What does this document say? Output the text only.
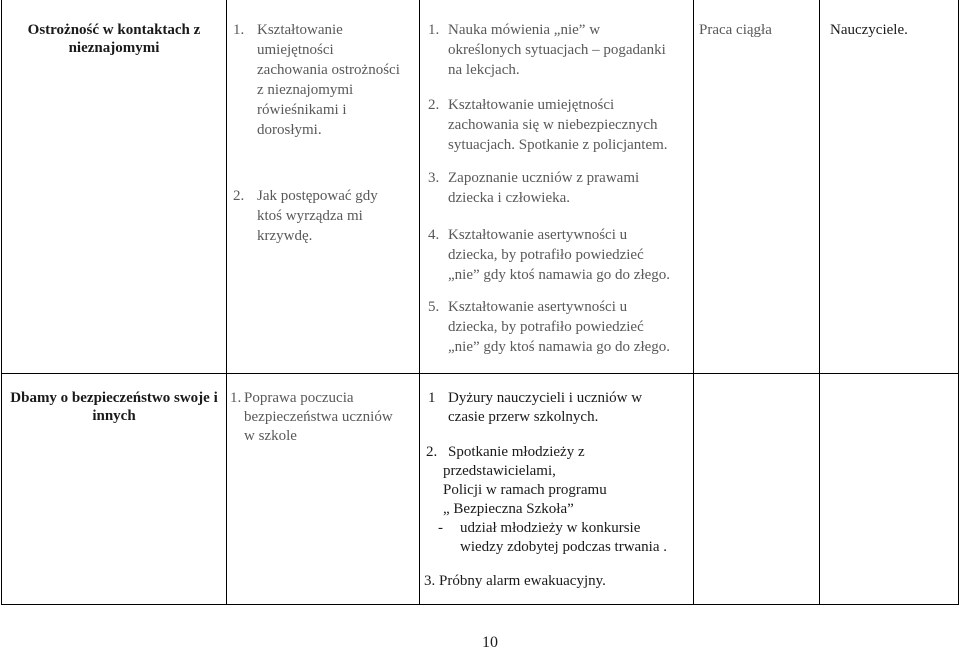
Ostrożność w kontaktach z nieznajomymi
1. Kształtowanie
umiejętności
zachowania ostrożności
z nieznajomymi
rówieśnikami i
dorosłymi.
2. Jak postępować gdy
ktoś wyrządza mi
krzywdę.
1. Nauka mówienia „nie” w
określonych sytuacjach – pogadanki
na lekcjach.
2. Kształtowanie umiejętności
zachowania się w niebezpiecznych
sytuacjach. Spotkanie z policjantem.
3. Zapoznanie uczniów z prawami
dziecka i człowieka.
4. Kształtowanie asertywności u
dziecka, by potrafiło powiedzieć
„nie” gdy ktoś namawia go do złego.
5. Kształtowanie asertywności u
dziecka, by potrafiło powiedzieć
„nie” gdy ktoś namawia go do złego.
Praca ciągła	Nauczyciele.
Dbamy o bezpieczeństwo swoje i innych
1. Poprawa poczucia
bezpieczeństwa uczniów
w szkole
1 Dyżury nauczycieli i uczniów w
czasie przerw szkolnych.
2. Spotkanie młodzieży z
przedstawicielami,
Policji w ramach programu
„ Bezpieczna Szkoła”
- udział młodzieży w konkursie
wiedzy zdobytej podczas trwania .
3. Próbny alarm ewakuacyjny.
10
